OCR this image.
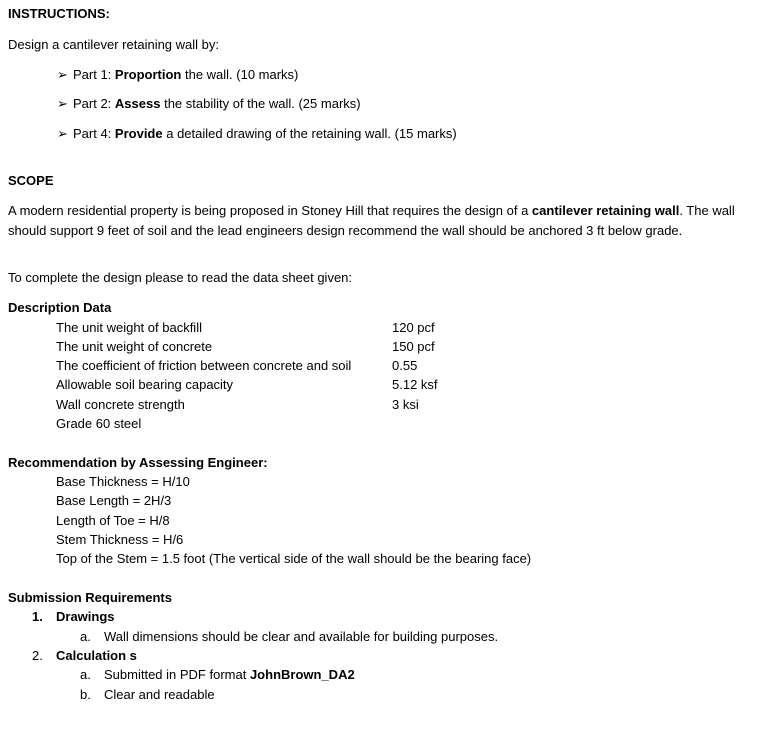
INSTRUCTIONS:
Design a cantilever retaining wall by:
➢ Part 1: Proportion the wall. (10 marks)
➢ Part 2: Assess the stability of the wall. (25 marks)
➢ Part 4: Provide a detailed drawing of the retaining wall. (15 marks)
SCOPE
A modern residential property is being proposed in Stoney Hill that requires the design of a cantilever retaining wall. The wall should support 9 feet of soil and the lead engineers design recommend the wall should be anchored 3 ft below grade.
To complete the design please to read the data sheet given:
Description Data
The unit weight of backfill	120 pcf
The unit weight of concrete	150 pcf
The coefficient of friction between concrete and soil	0.55
Allowable soil bearing capacity	5.12 ksf
Wall concrete strength	3 ksi
Grade 60 steel
Recommendation by Assessing Engineer:
Base Thickness = H/10
Base Length = 2H/3
Length of Toe = H/8
Stem Thickness = H/6
Top of the Stem = 1.5 foot (The vertical side of the wall should be the bearing face)
Submission Requirements
1. Drawings
a. Wall dimensions should be clear and available for building purposes.
2. Calculation s
a. Submitted in PDF format JohnBrown_DA2
b. Clear and readable
